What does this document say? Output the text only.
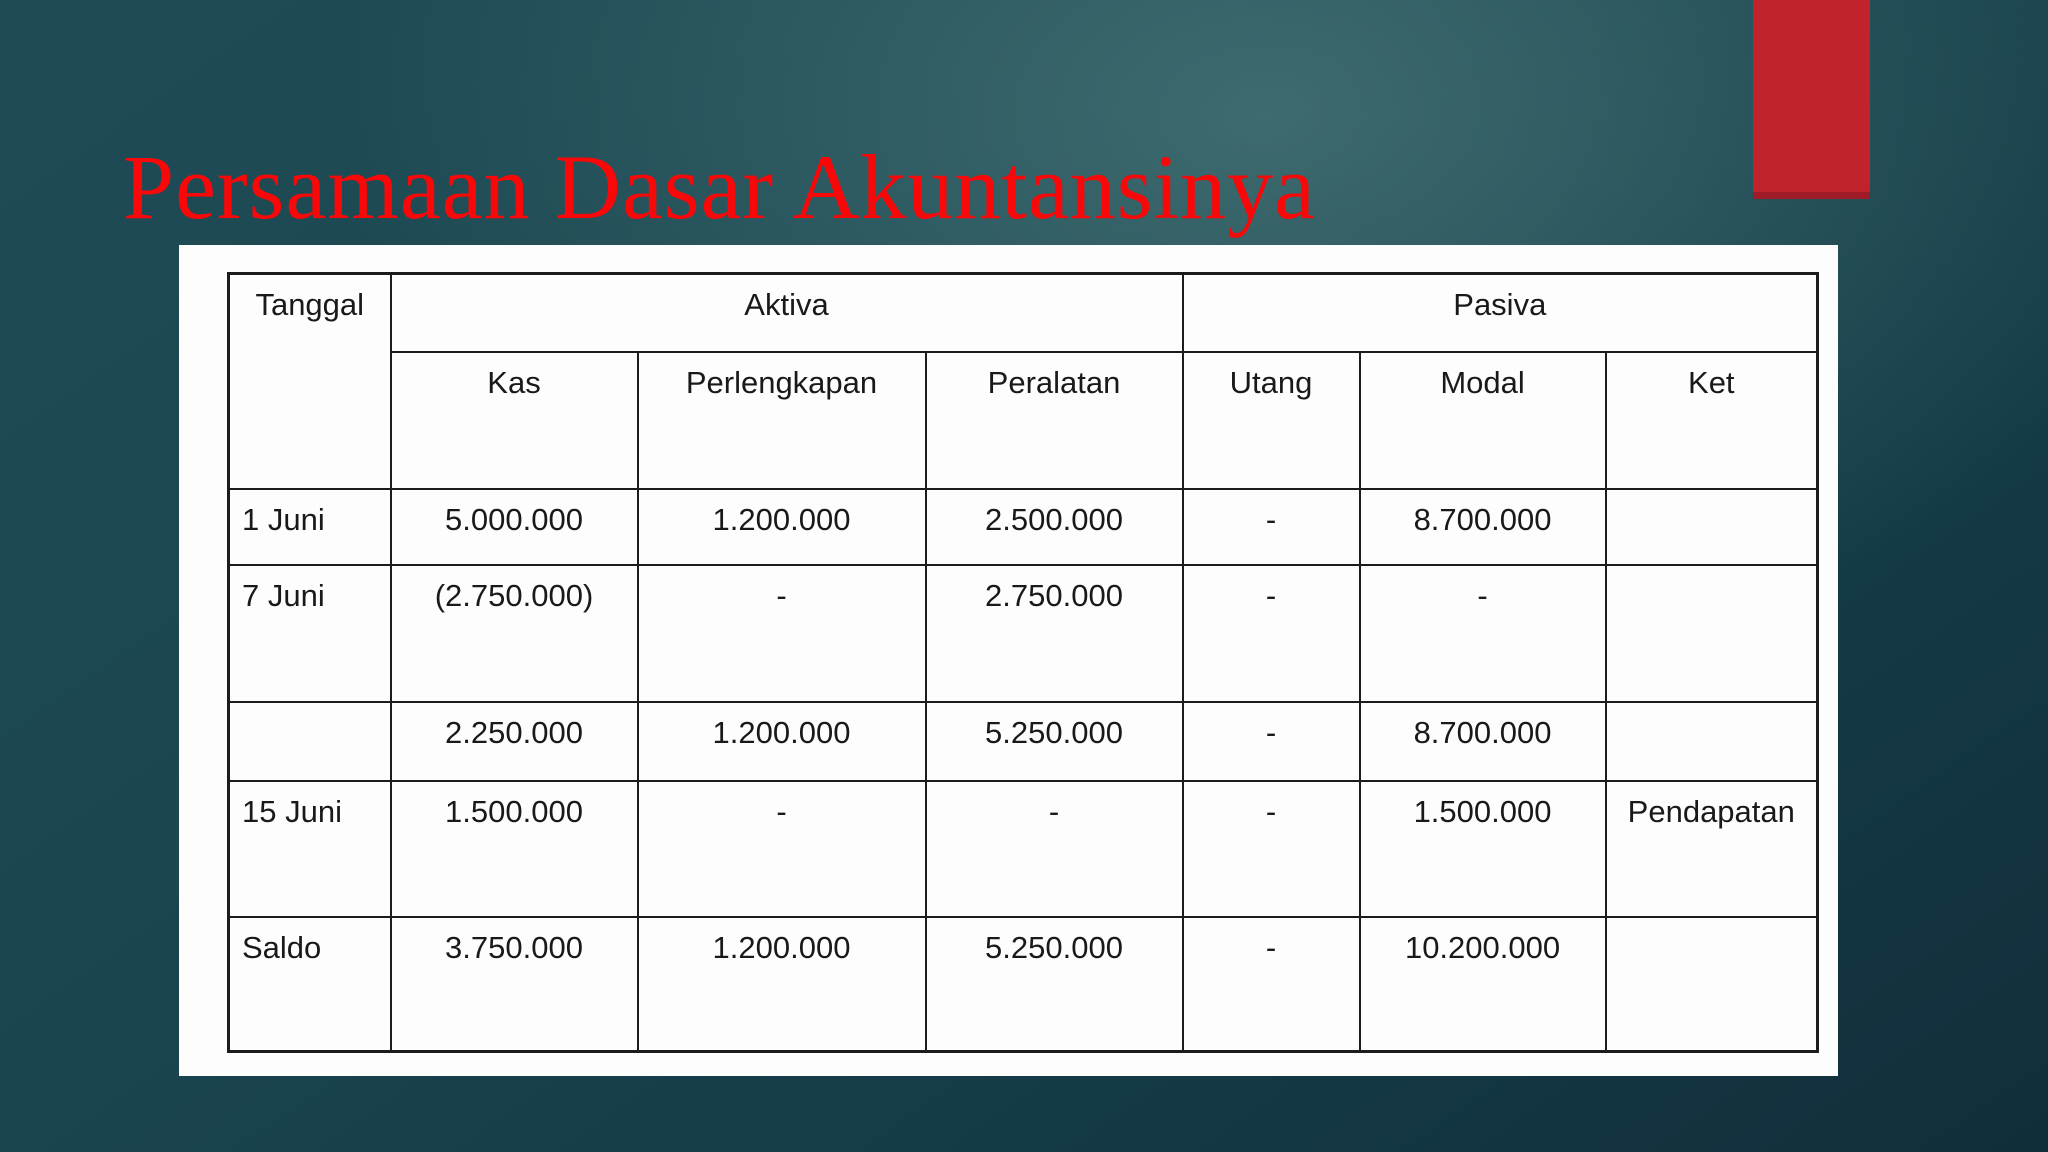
Persamaan Dasar Akuntansinya
Tanggal	Aktiva			Pasiva		
	Kas	Perlengkapan	Peralatan	Utang	Modal	Ket
1 Juni	5.000.000	1.200.000	2.500.000	-	8.700.000	
7 Juni	(2.750.000)	-	2.750.000	-	-	
	2.250.000	1.200.000	5.250.000	-	8.700.000	
15 Juni	1.500.000	-	-	-	1.500.000	Pendapatan
Saldo	3.750.000	1.200.000	5.250.000	-	10.200.000	
